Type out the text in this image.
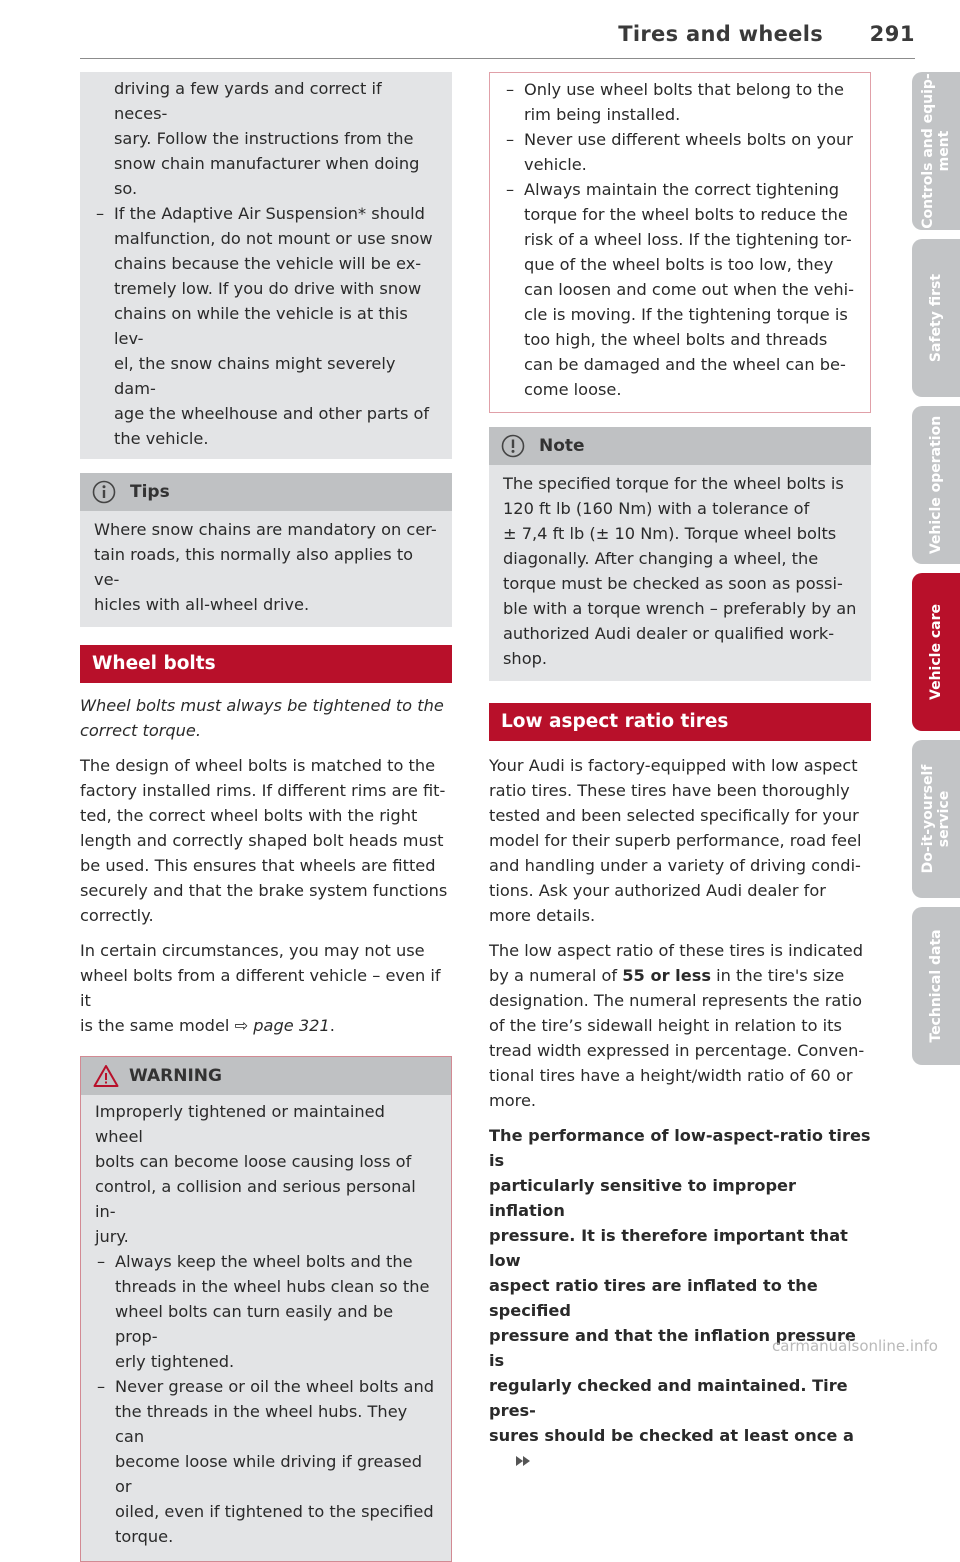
Tires and wheels 291
driving a few yards and correct if neces-
sary. Follow the instructions from the
snow chain manufacturer when doing so.
– If the Adaptive Air Suspension* should
malfunction, do not mount or use snow
chains because the vehicle will be ex-
tremely low. If you do drive with snow
chains on while the vehicle is at this lev-
el, the snow chains might severely dam-
age the wheelhouse and other parts of
the vehicle.
Tips
Where snow chains are mandatory on cer-
tain roads, this normally also applies to ve-
hicles with all-wheel drive.
Wheel bolts
Wheel bolts must always be tightened to the
correct torque.
The design of wheel bolts is matched to the
factory installed rims. If different rims are fit-
ted, the correct wheel bolts with the right
length and correctly shaped bolt heads must
be used. This ensures that wheels are fitted
securely and that the brake system functions
correctly.
In certain circumstances, you may not use
wheel bolts from a different vehicle – even if it
is the same model ⇨ page 321.
WARNING
Improperly tightened or maintained wheel
bolts can become loose causing loss of
control, a collision and serious personal in-
jury.
– Always keep the wheel bolts and the
threads in the wheel hubs clean so the
wheel bolts can turn easily and be prop-
erly tightened.
– Never grease or oil the wheel bolts and
the threads in the wheel hubs. They can
become loose while driving if greased or
oiled, even if tightened to the specified
torque.
– Only use wheel bolts that belong to the
rim being installed.
– Never use different wheels bolts on your
vehicle.
– Always maintain the correct tightening
torque for the wheel bolts to reduce the
risk of a wheel loss. If the tightening tor-
que of the wheel bolts is too low, they
can loosen and come out when the vehi-
cle is moving. If the tightening torque is
too high, the wheel bolts and threads
can be damaged and the wheel can be-
come loose.
Note
The specified torque for the wheel bolts is
120 ft lb (160 Nm) with a tolerance of
± 7,4 ft lb (± 10 Nm). Torque wheel bolts
diagonally. After changing a wheel, the
torque must be checked as soon as possi-
ble with a torque wrench – preferably by an
authorized Audi dealer or qualified work-
shop.
Low aspect ratio tires
Your Audi is factory-equipped with low aspect
ratio tires. These tires have been thoroughly
tested and been selected specifically for your
model for their superb performance, road feel
and handling under a variety of driving condi-
tions. Ask your authorized Audi dealer for
more details.
The low aspect ratio of these tires is indicated
by a numeral of 55 or less in the tire's size
designation. The numeral represents the ratio
of the tire’s sidewall height in relation to its
tread width expressed in percentage. Conven-
tional tires have a height/width ratio of 60 or
more.
The performance of low-aspect-ratio tires is
particularly sensitive to improper inflation
pressure. It is therefore important that low
aspect ratio tires are inflated to the specified
pressure and that the inflation pressure is
regularly checked and maintained. Tire pres-
sures should be checked at least once a
Controls and equip-
ment
Safety first
Vehicle operation
Vehicle care
Do-it-yourself
service
Technical data
carmanualsonline.info
